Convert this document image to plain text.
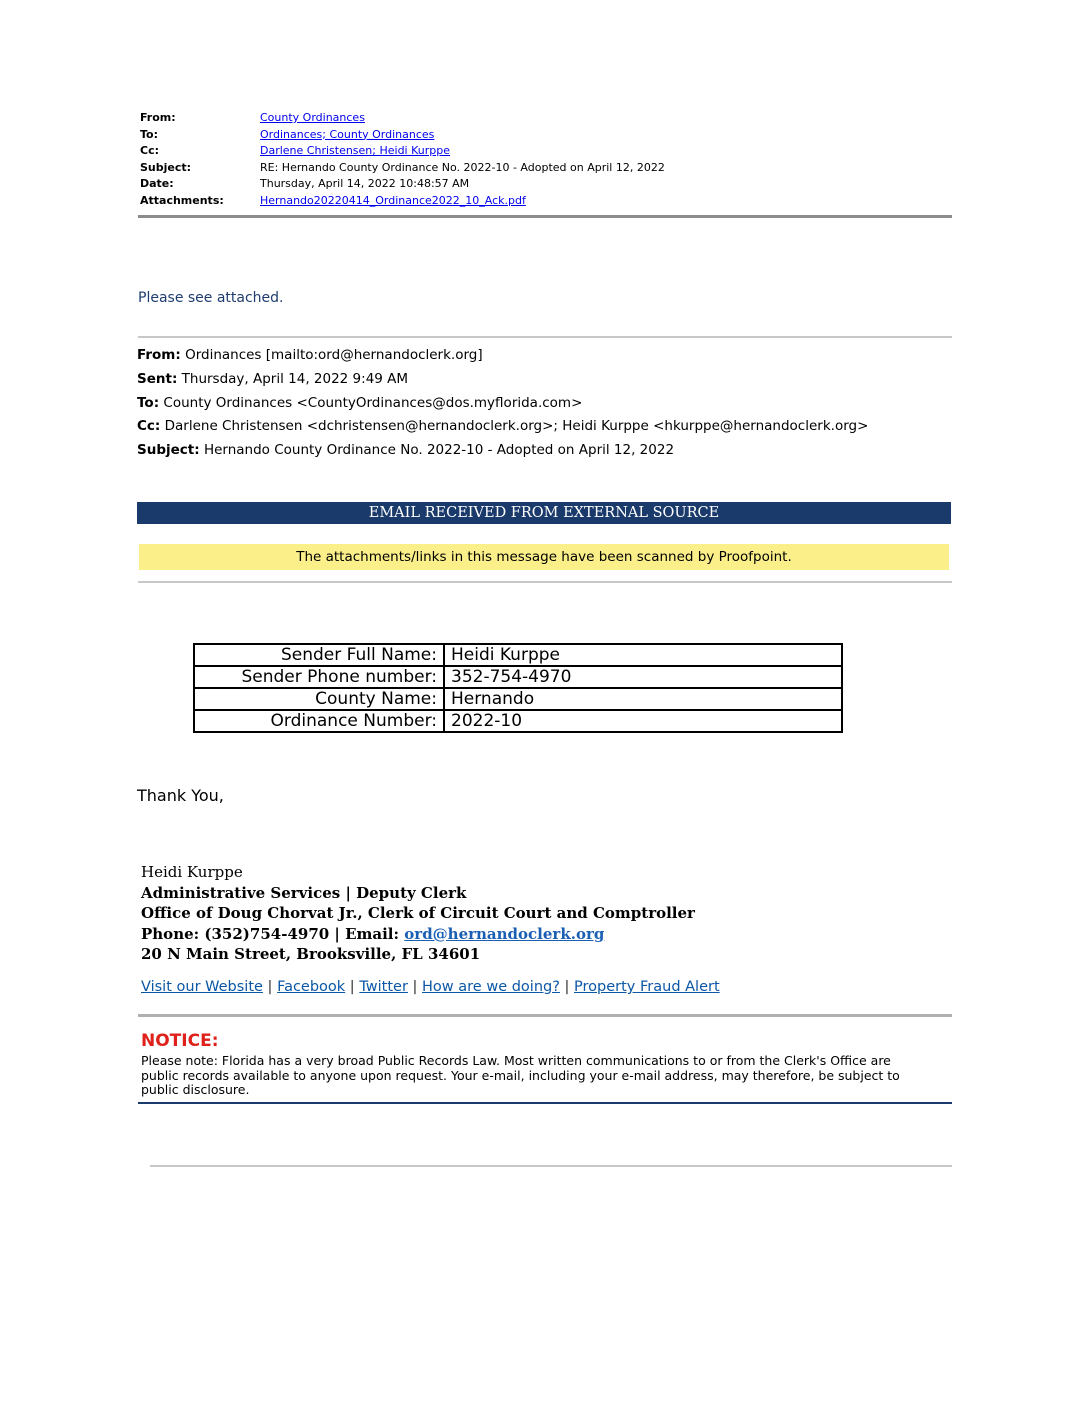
From:	County Ordinances
To:	Ordinances; County Ordinances
Cc:	Darlene Christensen; Heidi Kurppe
Subject:	RE: Hernando County Ordinance No. 2022-10 - Adopted on April 12, 2022
Date:	Thursday, April 14, 2022 10:48:57 AM
Attachments:	Hernando20220414_Ordinance2022_10_Ack.pdf
Please see attached.
From: Ordinances [mailto:ord@hernandoclerk.org]
Sent: Thursday, April 14, 2022 9:49 AM
To: County Ordinances <CountyOrdinances@dos.myflorida.com>
Cc: Darlene Christensen <dchristensen@hernandoclerk.org>; Heidi Kurppe <hkurppe@hernandoclerk.org>
Subject: Hernando County Ordinance No. 2022-10 - Adopted on April 12, 2022
EMAIL RECEIVED FROM EXTERNAL SOURCE
The attachments/links in this message have been scanned by Proofpoint.
Sender Full Name:	Heidi Kurppe
Sender Phone number:	352-754-4970
County Name:	Hernando
Ordinance Number:	2022-10
Thank You,
Heidi Kurppe
Administrative Services | Deputy Clerk
Office of Doug Chorvat Jr., Clerk of Circuit Court and Comptroller
Phone: (352)754-4970 | Email: ord@hernandoclerk.org
20 N Main Street, Brooksville, FL 34601
Visit our Website | Facebook | Twitter | How are we doing? | Property Fraud Alert
NOTICE:
Please note: Florida has a very broad Public Records Law. Most written communications to or from the Clerk's Office are public records available to anyone upon request. Your e-mail, including your e-mail address, may therefore, be subject to public disclosure.
